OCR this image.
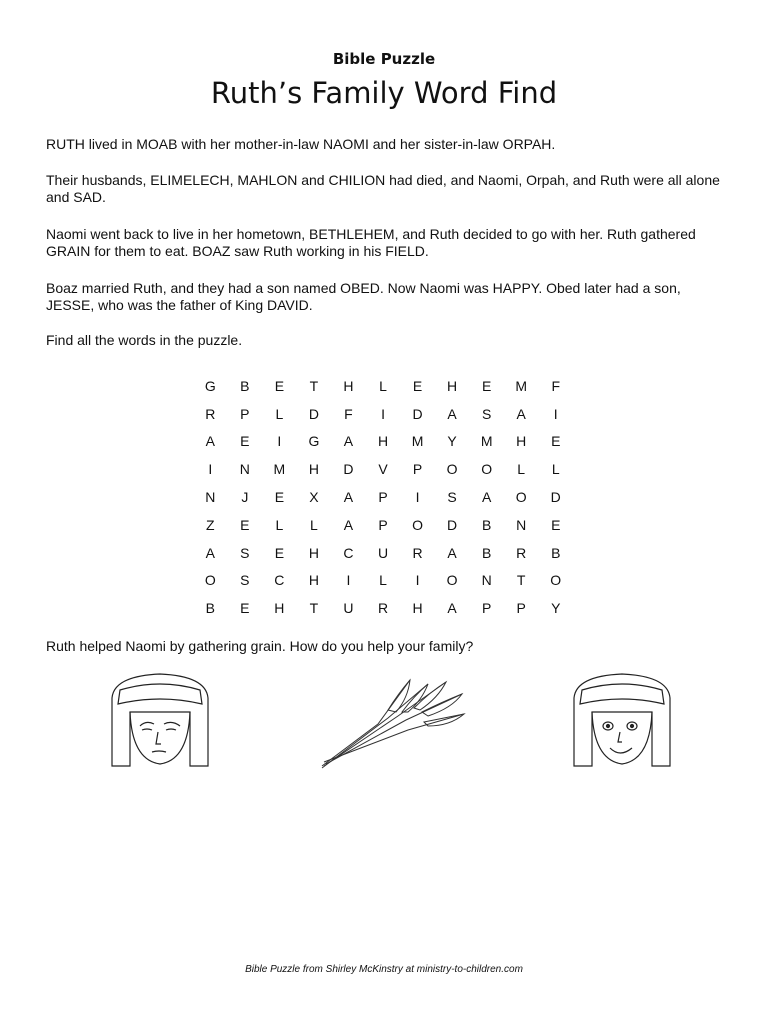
Bible Puzzle
Ruth’s Family Word Find

RUTH lived in MOAB with her mother-in-law NAOMI and her sister-in-law ORPAH.

Their husbands, ELIMELECH, MAHLON and CHILION had died, and Naomi, Orpah, and Ruth were all alone and SAD.

Naomi went back to live in her hometown, BETHLEHEM, and Ruth decided to go with her. Ruth gathered GRAIN for them to eat. BOAZ saw Ruth working in his FIELD.

Boaz married Ruth, and they had a son named OBED. Now Naomi was HAPPY. Obed later had a son, JESSE, who was the father of King DAVID.

Find all the words in the puzzle.

G	B	E	T	H	L	E	H	E	M	F
R	P	L	D	F	I	D	A	S	A	I
A	E	I	G	A	H	M	Y	M	H	E
I	N	M	H	D	V	P	O	O	L	L
N	J	E	X	A	P	I	S	A	O	D
Z	E	L	L	A	P	O	D	B	N	E
A	S	E	H	C	U	R	A	B	R	B
O	S	C	H	I	L	I	O	N	T	O
B	E	H	T	U	R	H	A	P	P	Y

Ruth helped Naomi by gathering grain. How do you help your family?

Bible Puzzle from Shirley McKinstry at ministry-to-children.com
